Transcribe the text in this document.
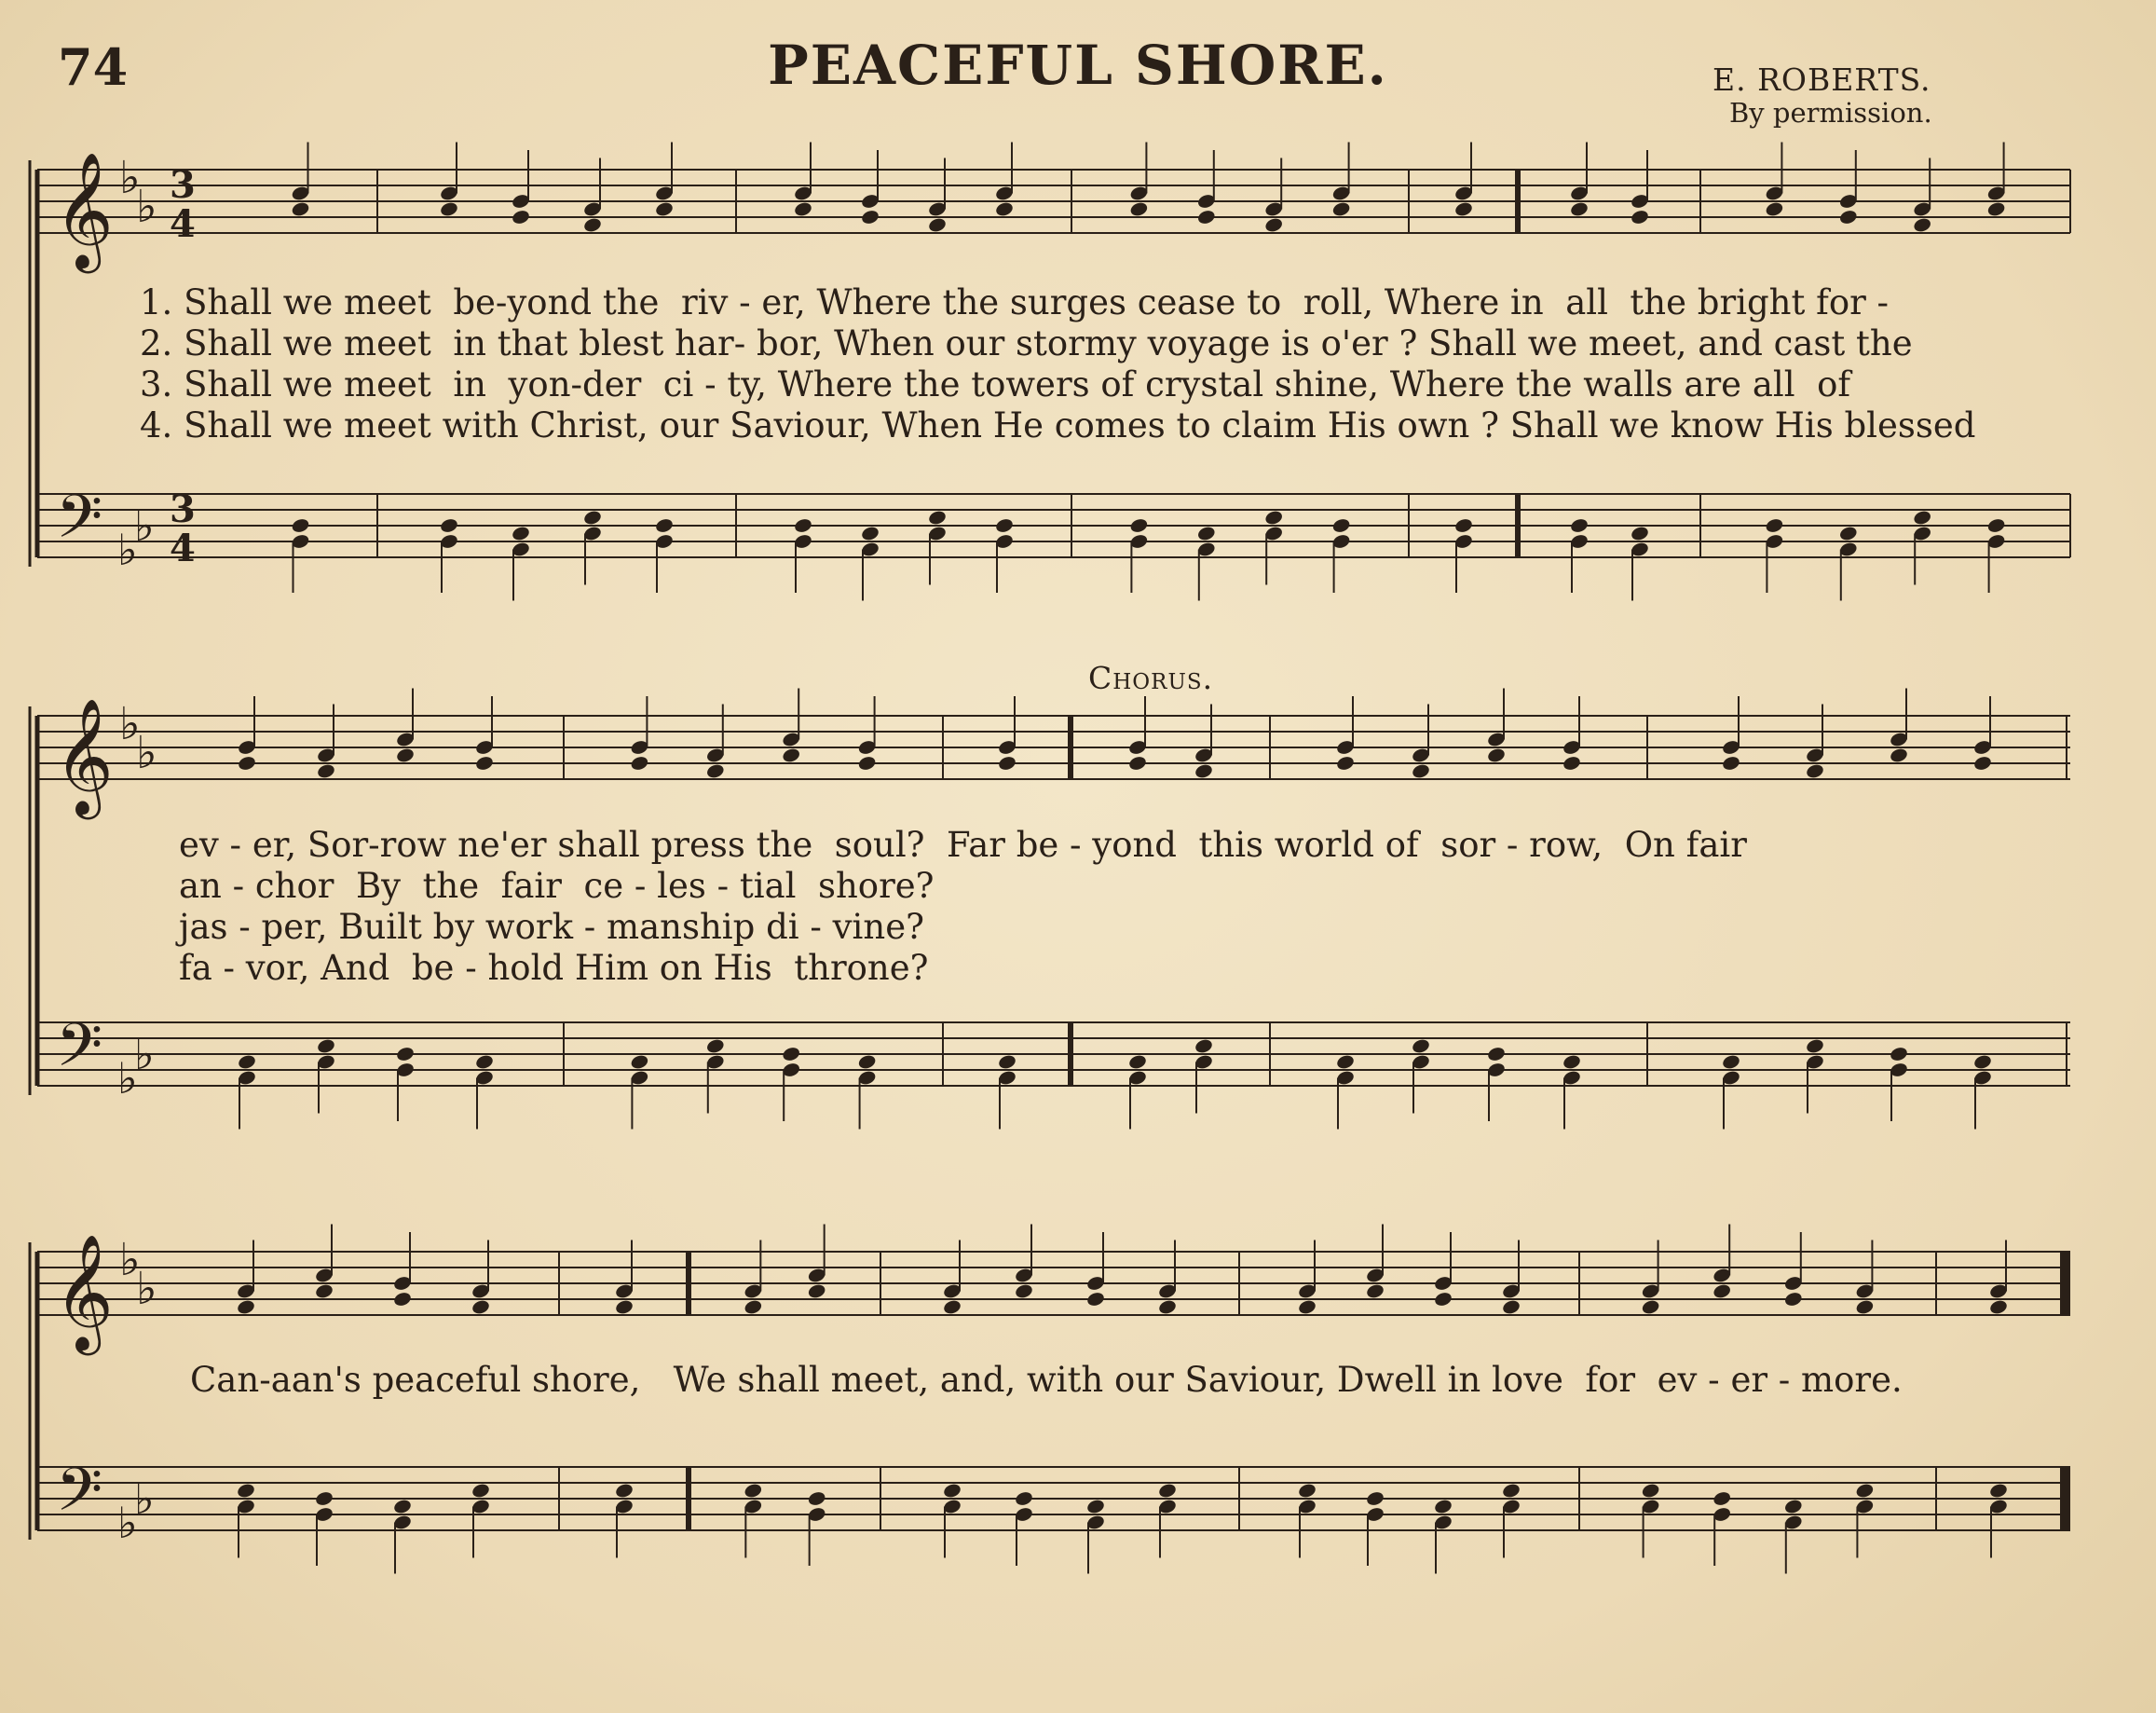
74	PEACEFUL SHORE.	E. ROBERTS.
By permission.
Chorus.
𝄞 ♭
♭ 3
4
𝄢 ♭
♭ 3
4
𝄞 ♭
♭
𝄢 ♭
♭
𝄞 ♭
♭
𝄢 ♭
♭
1. Shall we meet  be-yond the  riv - er, Where the surges cease to  roll, Where in  all  the bright for -
2. Shall we meet  in that blest har- bor, When our stormy voyage is o'er ? Shall we meet, and cast the
3. Shall we meet  in  yon-der  ci - ty, Where the towers of crystal shine, Where the walls are all  of
4. Shall we meet with Christ, our Saviour, When He comes to claim His own ? Shall we know His blessed
ev - er, Sor-row ne'er shall press the  soul?  Far be - yond  this world of  sor - row,  On fair
an - chor  By  the  fair  ce - les - tial  shore?
jas - per, Built by work - manship di - vine?
fa - vor, And  be - hold Him on His  throne?
Can-aan's peaceful shore,   We shall meet, and, with our Saviour, Dwell in love  for  ev - er - more.
